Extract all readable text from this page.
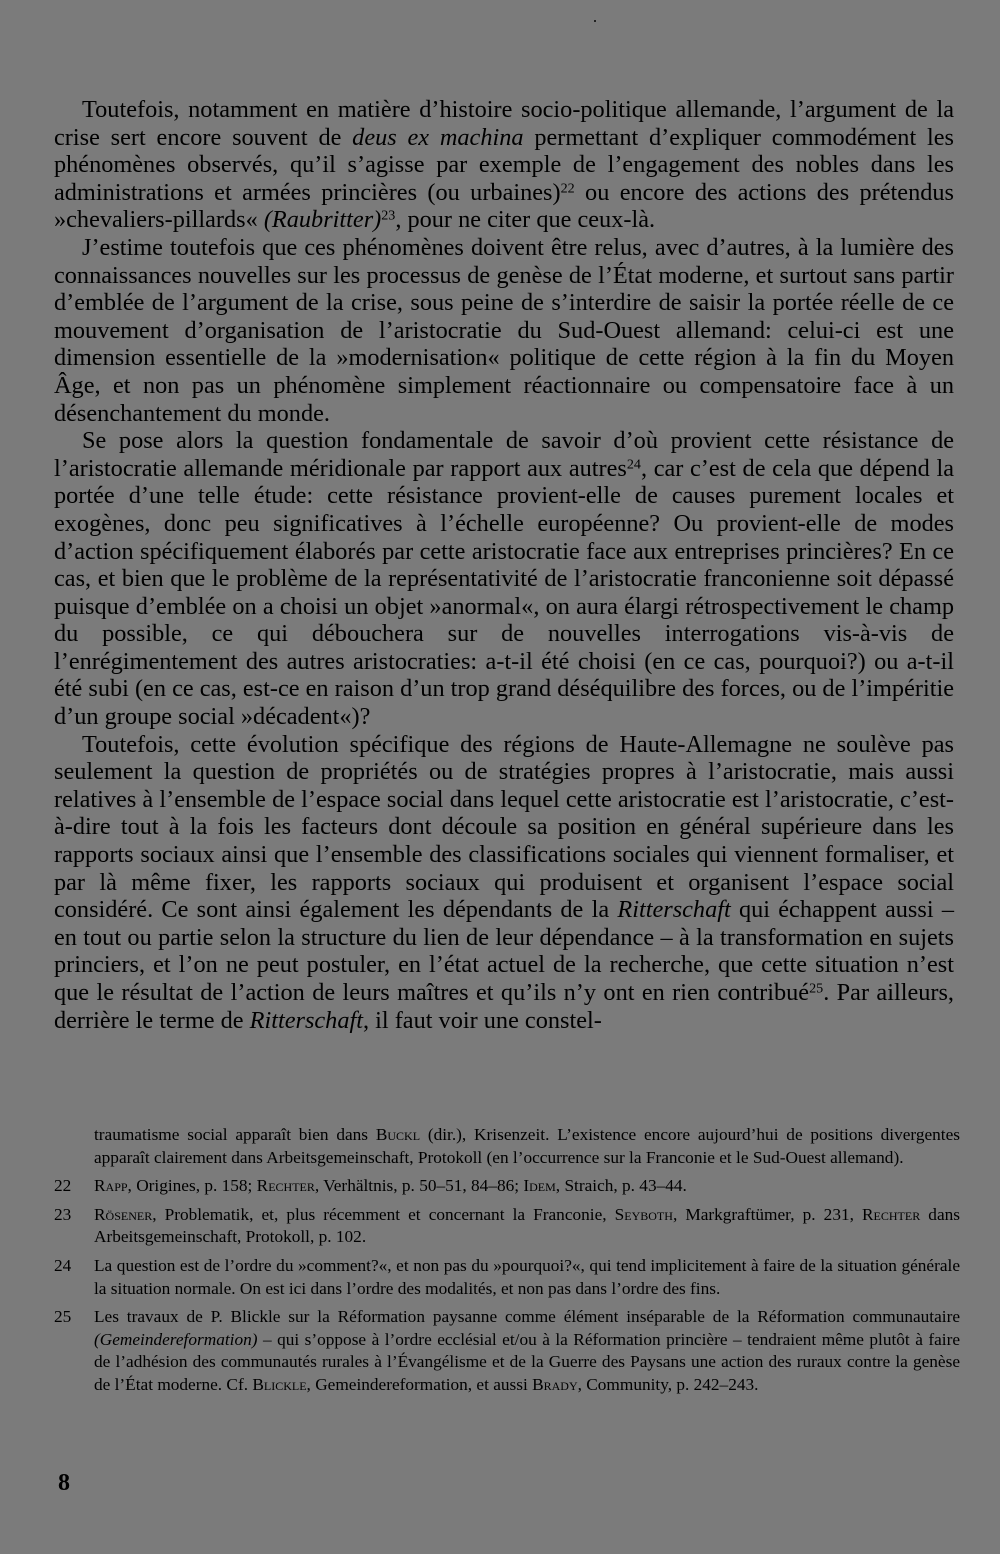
Toutefois, notamment en matière d’histoire socio-politique allemande, l’argument de la crise sert encore souvent de deus ex machina permettant d’expliquer commodément les phénomènes observés, qu’il s’agisse par exemple de l’engagement des nobles dans les administrations et armées princières (ou urbaines)$^{22}$ ou encore des actions des prétendus »chevaliers-pillards« (Raubritter)$^{23}$, pour ne citer que ceux-là.

J’estime toutefois que ces phénomènes doivent être relus, avec d’autres, à la lumière des connaissances nouvelles sur les processus de genèse de l’État moderne, et surtout sans partir d’emblée de l’argument de la crise, sous peine de s’interdire de saisir la portée réelle de ce mouvement d’organisation de l’aristocratie du Sud-Ouest allemand: celui-ci est une dimension essentielle de la »modernisation« politique de cette région à la fin du Moyen Âge, et non pas un phénomène simplement réactionnaire ou compensatoire face à un désenchantement du monde.

Se pose alors la question fondamentale de savoir d’où provient cette résistance de l’aristocratie allemande méridionale par rapport aux autres$^{24}$, car c’est de cela que dépend la portée d’une telle étude: cette résistance provient-elle de causes purement locales et exogènes, donc peu significatives à l’échelle européenne? Ou provient-elle de modes d’action spécifiquement élaborés par cette aristocratie face aux entreprises princières? En ce cas, et bien que le problème de la représentativité de l’aristocratie franconienne soit dépassé puisque d’emblée on a choisi un objet »anormal«, on aura élargi rétrospectivement le champ du possible, ce qui débouchera sur de nouvelles interrogations vis-à-vis de l’enrégimentement des autres aristocraties: a-t-il été choisi (en ce cas, pourquoi?) ou a-t-il été subi (en ce cas, est-ce en raison d’un trop grand déséquilibre des forces, ou de l’impéritie d’un groupe social »décadent«)?

Toutefois, cette évolution spécifique des régions de Haute-Allemagne ne soulève pas seulement la question de propriétés ou de stratégies propres à l’aristocratie, mais aussi relatives à l’ensemble de l’espace social dans lequel cette aristocratie est l’aristocratie, c’est-à-dire tout à la fois les facteurs dont découle sa position en général supérieure dans les rapports sociaux ainsi que l’ensemble des classifications sociales qui viennent formaliser, et par là même fixer, les rapports sociaux qui produisent et organisent l’espace social considéré. Ce sont ainsi également les dépendants de la Ritterschaft qui échappent aussi – en tout ou partie selon la structure du lien de leur dépendance – à la transformation en sujets princiers, et l’on ne peut postuler, en l’état actuel de la recherche, que cette situation n’est que le résultat de l’action de leurs maîtres et qu’ils n’y ont en rien contribué$^{25}$. Par ailleurs, derrière le terme de Ritterschaft, il faut voir une constel-

traumatisme social apparaît bien dans Buckl (dir.), Krisenzeit. L’existence encore aujourd’hui de positions divergentes apparaît clairement dans Arbeitsgemeinschaft, Protokoll (en l’occurrence sur la Franconie et le Sud-Ouest allemand).
22	Rapp, Origines, p. 158; Rechter, Verhältnis, p. 50–51, 84–86; Idem, Straich, p. 43–44.
23	Rösener, Problematik, et, plus récemment et concernant la Franconie, Seyboth, Markgraftümer, p. 231, Rechter dans Arbeitsgemeinschaft, Protokoll, p. 102.
24	La question est de l’ordre du »comment?«, et non pas du »pourquoi?«, qui tend implicitement à faire de la situation générale la situation normale. On est ici dans l’ordre des modalités, et non pas dans l’ordre des fins.
25	Les travaux de P. Blickle sur la Réformation paysanne comme élément inséparable de la Réformation communautaire (Gemeindereformation) – qui s’oppose à l’ordre ecclésial et/ou à la Réformation princière – tendraient même plutôt à faire de l’adhésion des communautés rurales à l’Évangélisme et de la Guerre des Paysans une action des ruraux contre la genèse de l’État moderne. Cf. Blickle, Gemeindereformation, et aussi Brady, Community, p. 242–243.
8
